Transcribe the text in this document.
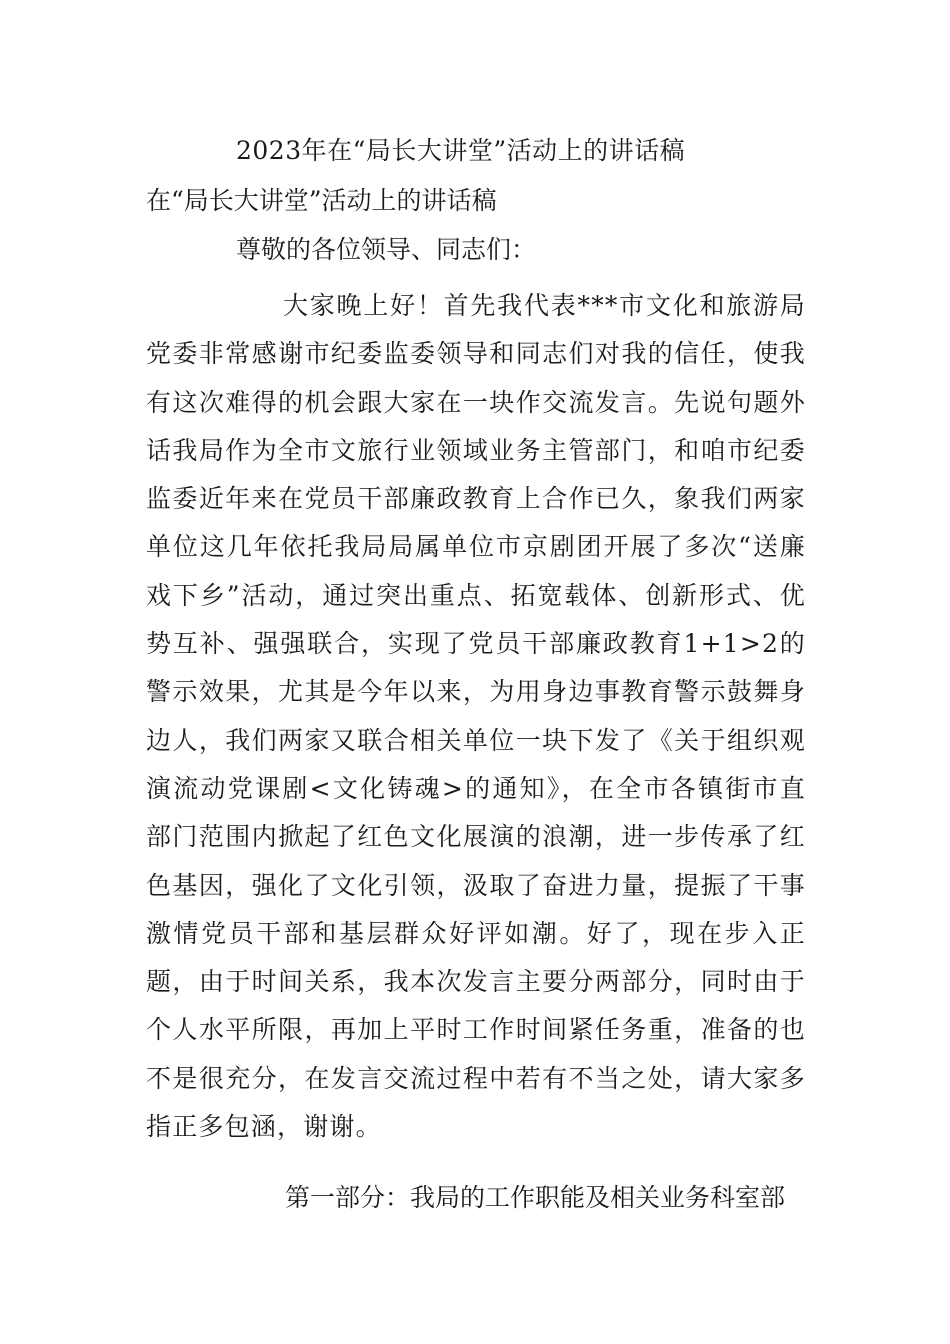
2023年在“局长大讲堂”活动上的讲话稿
在“局长大讲堂”活动上的讲话稿
尊敬的各位领导、同志们：

大家晚上好！首先我代表***市文化和旅游局党委非常感谢市纪委监委领导和同志们对我的信任，使我有这次难得的机会跟大家在一块作交流发言。先说句题外话我局作为全市文旅行业领域业务主管部门，和咱市纪委监委近年来在党员干部廉政教育上合作已久，象我们两家单位这几年依托我局局属单位市京剧团开展了多次“送廉戏下乡”活动，通过突出重点、拓宽载体、创新形式、优势互补、强强联合，实现了党员干部廉政教育1+1>2的警示效果，尤其是今年以来，为用身边事教育警示鼓舞身边人，我们两家又联合相关单位一块下发了《关于组织观演流动党课剧<文化铸魂>的通知》，在全市各镇街市直部门范围内掀起了红色文化展演的浪潮，进一步传承了红色基因，强化了文化引领，汲取了奋进力量，提振了干事激情党员干部和基层群众好评如潮。好了，现在步入正题，由于时间关系，我本次发言主要分两部分，同时由于个人水平所限，再加上平时工作时间紧任务重，准备的也不是很充分，在发言交流过程中若有不当之处，请大家多指正多包涵，谢谢。

第一部分：我局的工作职能及相关业务科室部
